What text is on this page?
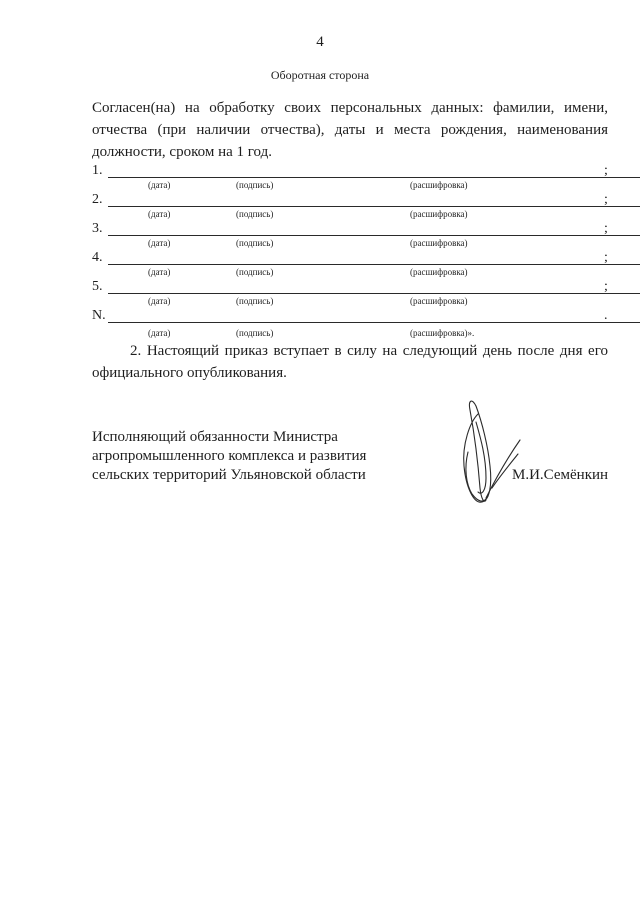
4
Оборотная сторона
Согласен(на) на обработку своих персональных данных: фамилии, имени, отчества (при наличии отчества), даты и места рождения, наименования должности, сроком на 1 год.
1.	;
(дата)	(подпись)	(расшифровка)
2.	;
(дата)	(подпись)	(расшифровка)
3.	;
(дата)	(подпись)	(расшифровка)
4.	;
(дата)	(подпись)	(расшифровка)
5.	;
(дата)	(подпись)	(расшифровка)
N.	.
(дата)	(подпись)	(расшифровка)».
2. Настоящий приказ вступает в силу на следующий день после дня его официального опубликования.
Исполняющий обязанности Министра
агропромышленного комплекса и развития
сельских территорий Ульяновской области	М.И.Семёнкин
